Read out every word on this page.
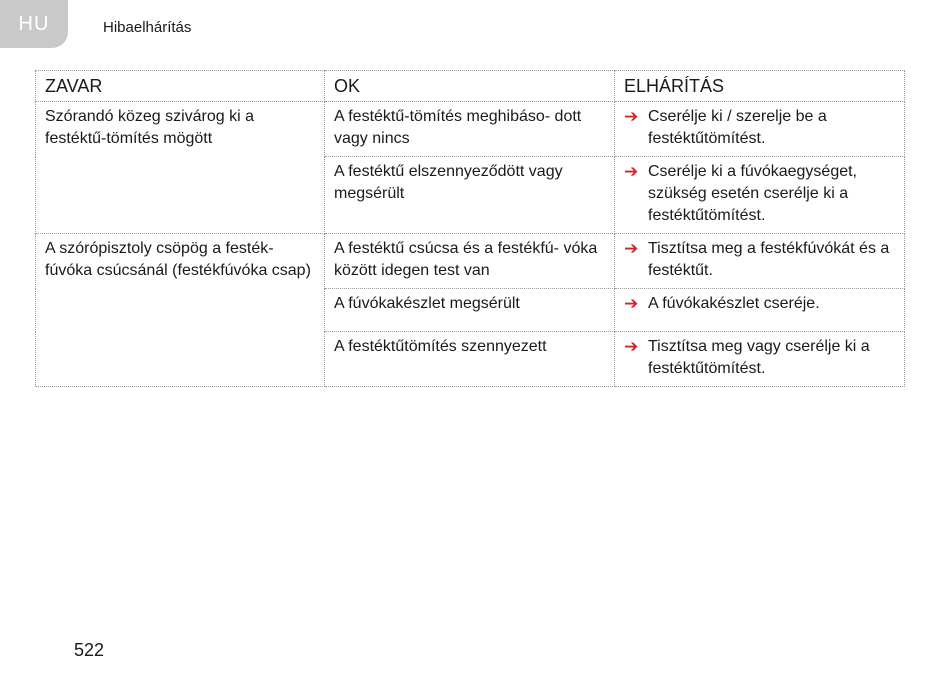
HU	Hibaelhárítás
ZAVAR	OK	ELHÁRÍTÁS
Szórandó közeg szivárog ki a festéktű-tömítés mögött	A festéktű-tömítés meghibáso- dott vagy nincs	➔ Cserélje ki / szerelje be a festéktűtömítést.

	A festéktű elszennyeződött vagy megsérült	➔ Cserélje ki a fúvókaegységet, szükség esetén cserélje ki a festéktűtömítést.

A szórópisztoly csöpög a festék- fúvóka csúcsánál (festékfúvóka csap)	A festéktű csúcsa és a festékfú- vóka között idegen test van	➔ Tisztítsa meg a festékfúvókát és a festéktűt.

	A fúvókakészlet megsérült	➔ A fúvókakészlet cseréje.

	A festéktűtömítés szennyezett	➔ Tisztítsa meg vagy cserélje ki a festéktűtömítést.
522
